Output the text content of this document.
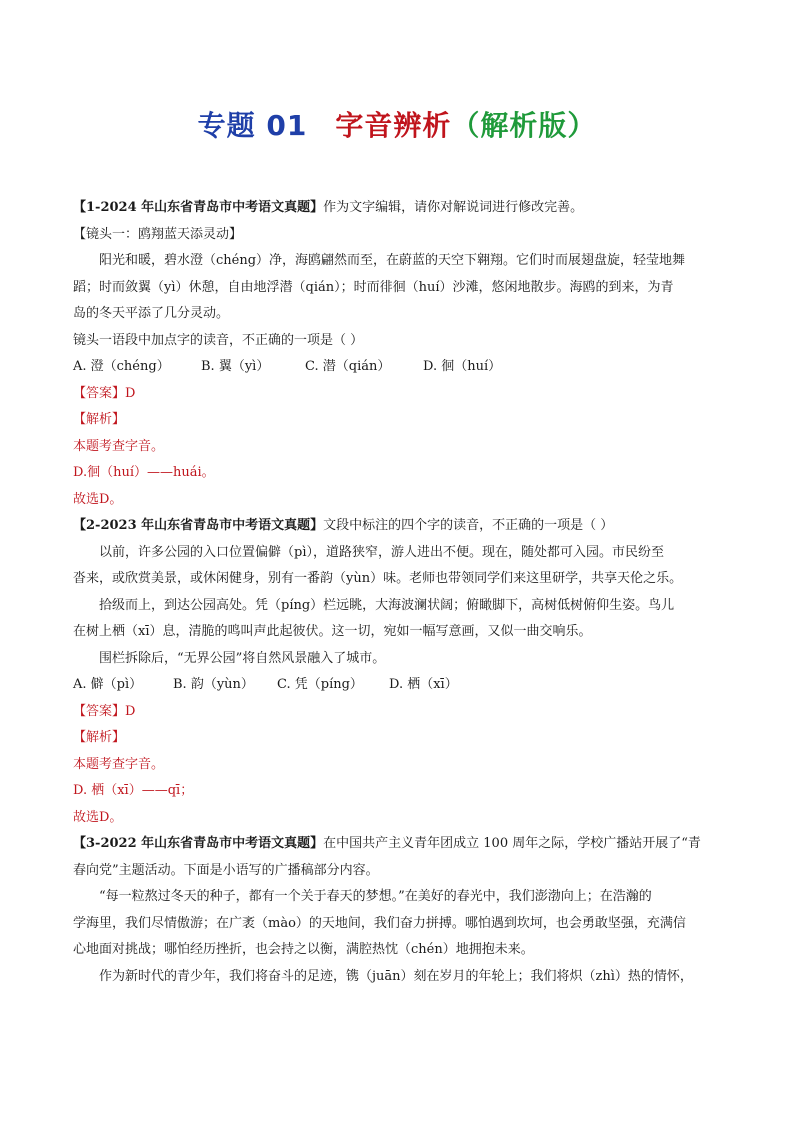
专题 01 字音辨析（解析版）
【1-2024 年山东省青岛市中考语文真题】作为文字编辑，请你对解说词进行修改完善。
【镜头一：鸥翔蓝天添灵动】
阳光和暖，碧水澄（chéng）净，海鸥翩然而至，在蔚蓝的天空下翱翔。它们时而展翅盘旋，轻莹地舞
蹈；时而敛翼（yì）休憩，自由地浮潜（qián）；时而徘徊（huí）沙滩，悠闲地散步。海鸥的到来，为青
岛的冬天平添了几分灵动。
镜头一语段中加点字的读音，不正确的一项是（ ）
A. 澄（chéng） B. 翼（yì）	C. 潜（qián）	D. 徊（huí）
【答案】D
【解析】
本题考查字音。
D.徊（huí）——huái。
故选D。
【2-2023 年山东省青岛市中考语文真题】文段中标注的四个字的读音，不正确的一项是（ ）
以前，许多公园的入口位置偏僻（pì），道路狭窄，游人进出不便。现在，随处都可入园。市民纷至
沓来，或欣赏美景，或休闲健身，别有一番韵（yùn）味。老师也带领同学们来这里研学，共享天伦之乐。
拾级而上，到达公园高处。凭（píng）栏远眺，大海波澜状阔；俯瞰脚下，高树低树俯仰生姿。鸟儿
在树上栖（xī）息，清脆的鸣叫声此起彼伏。这一切，宛如一幅写意画，又似一曲交响乐。
围栏拆除后，“无界公园”将自然风景融入了城市。
A. 僻（pì） B. 韵（yùn） C. 凭（píng） D. 栖（xī）
【答案】D
【解析】
本题考查字音。
D. 栖（xī）——qī；
故选D。
【3-2022 年山东省青岛市中考语文真题】在中国共产主义青年团成立 100 周年之际，学校广播站开展了“青
春向党”主题活动。下面是小语写的广播稿部分内容。
“每一粒熬过冬天的种子，都有一个关于春天的梦想。”在美好的春光中，我们澎渤向上；在浩瀚的
学海里，我们尽情傲游；在广袤（mào）的天地间，我们奋力拼搏。哪怕遇到坎坷，也会勇敢坚强，充满信
心地面对挑战；哪怕经历挫折，也会持之以衡，满腔热忱（chén）地拥抱未来。
作为新时代的青少年，我们将奋斗的足迹，镌（juān）刻在岁月的年轮上；我们将炽（zhì）热的情怀，
